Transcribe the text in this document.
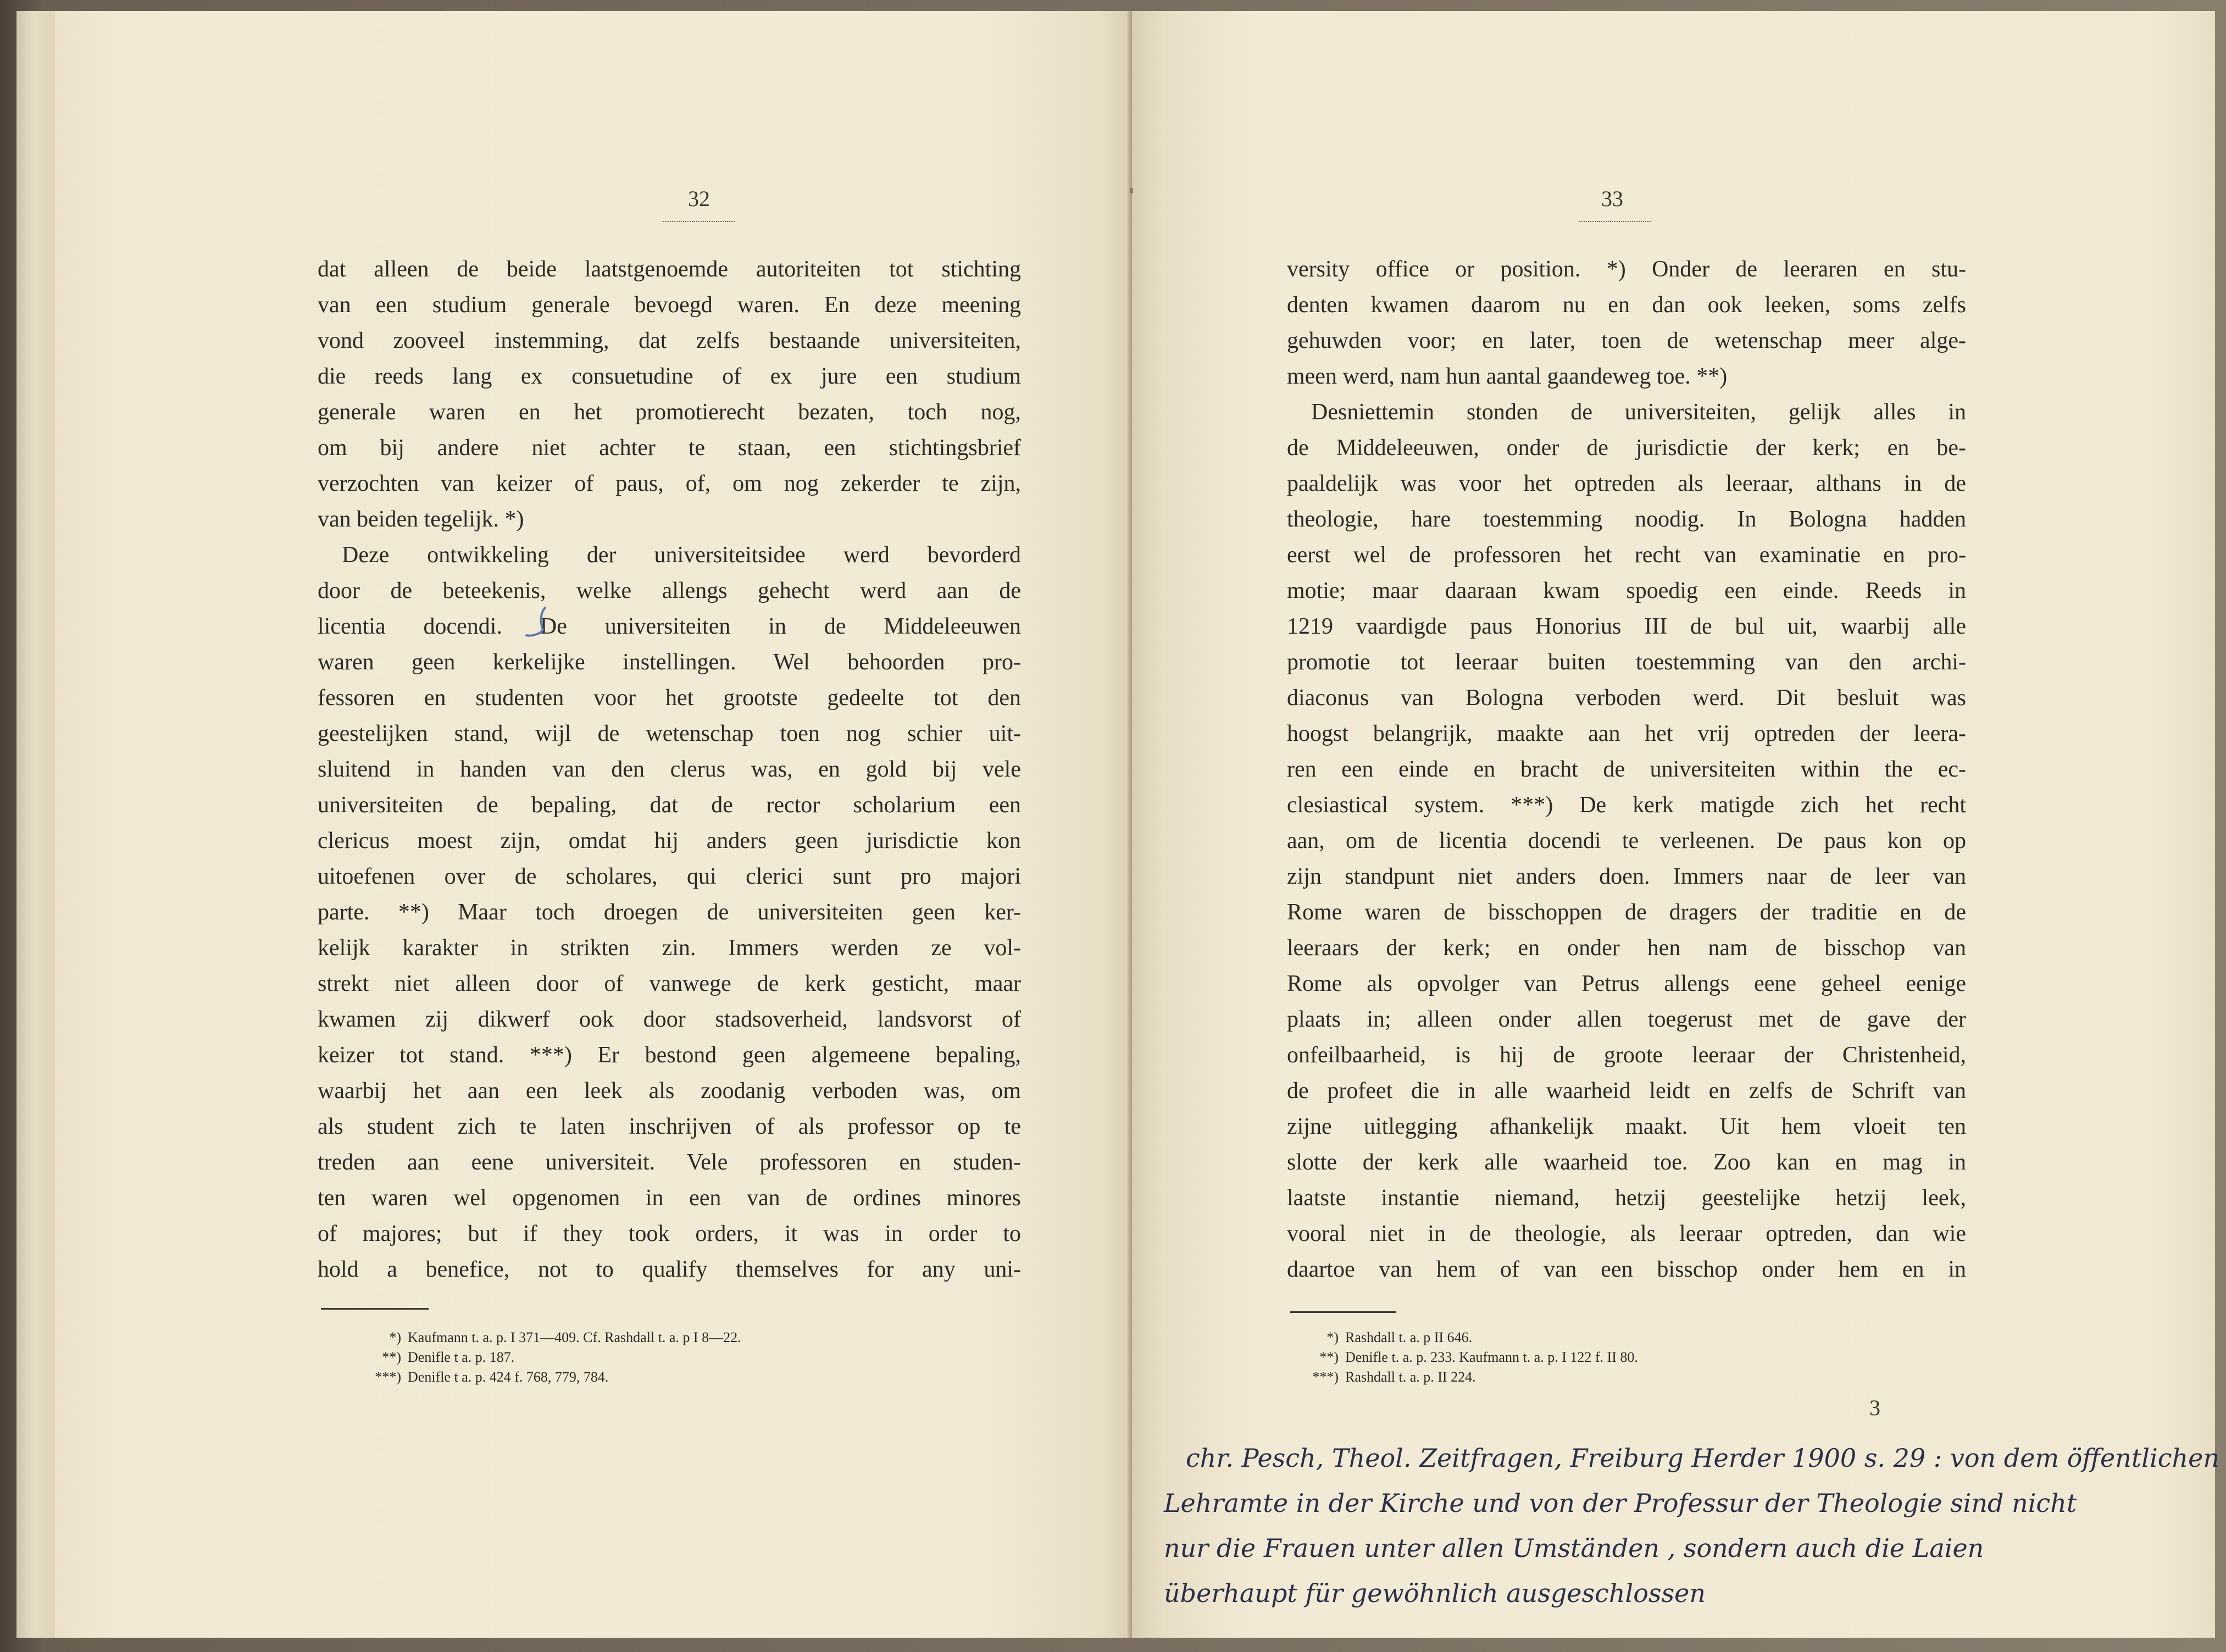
32
dat alleen de beide laatstgenoemde autoriteiten tot stichting
van een studium generale bevoegd waren. En deze meening
vond zooveel instemming, dat zelfs bestaande universiteiten,
die reeds lang ex consuetudine of ex jure een studium
generale waren en het promotierecht bezaten, toch nog,
om bij andere niet achter te staan, een stichtingsbrief
verzochten van keizer of paus, of, om nog zekerder te zijn,
van beiden tegelijk. *)
Deze ontwikkeling der universiteitsidee werd bevorderd
door de beteekenis, welke allengs gehecht werd aan de
licentia docendi. De universiteiten in de Middeleeuwen
waren geen kerkelijke instellingen. Wel behoorden pro-
fessoren en studenten voor het grootste gedeelte tot den
geestelijken stand, wijl de wetenschap toen nog schier uit-
sluitend in handen van den clerus was, en gold bij vele
universiteiten de bepaling, dat de rector scholarium een
clericus moest zijn, omdat hij anders geen jurisdictie kon
uitoefenen over de scholares, qui clerici sunt pro majori
parte. **) Maar toch droegen de universiteiten geen ker-
kelijk karakter in strikten zin. Immers werden ze vol-
strekt niet alleen door of vanwege de kerk gesticht, maar
kwamen zij dikwerf ook door stadsoverheid, landsvorst of
keizer tot stand. ***) Er bestond geen algemeene bepaling,
waarbij het aan een leek als zoodanig verboden was, om
als student zich te laten inschrijven of als professor op te
treden aan eene universiteit. Vele professoren en studen-
ten waren wel opgenomen in een van de ordines minores
of majores; but if they took orders, it was in order to
hold a benefice, not to qualify themselves for any uni-
*) Kaufmann t. a. p. I 371—409. Cf. Rashdall t. a. p I 8—22.
**) Denifle t a. p. 187.
***) Denifle t a. p. 424 f. 768, 779, 784.
33
versity office or position. *) Onder de leeraren en stu-
denten kwamen daarom nu en dan ook leeken, soms zelfs
gehuwden voor; en later, toen de wetenschap meer alge-
meen werd, nam hun aantal gaandeweg toe. **)
Desniettemin stonden de universiteiten, gelijk alles in
de Middeleeuwen, onder de jurisdictie der kerk; en be-
paaldelijk was voor het optreden als leeraar, althans in de
theologie, hare toestemming noodig. In Bologna hadden
eerst wel de professoren het recht van examinatie en pro-
motie; maar daaraan kwam spoedig een einde. Reeds in
1219 vaardigde paus Honorius III de bul uit, waarbij alle
promotie tot leeraar buiten toestemming van den archi-
diaconus van Bologna verboden werd. Dit besluit was
hoogst belangrijk, maakte aan het vrij optreden der leera-
ren een einde en bracht de universiteiten within the ec-
clesiastical system. ***) De kerk matigde zich het recht
aan, om de licentia docendi te verleenen. De paus kon op
zijn standpunt niet anders doen. Immers naar de leer van
Rome waren de bisschoppen de dragers der traditie en de
leeraars der kerk; en onder hen nam de bisschop van
Rome als opvolger van Petrus allengs eene geheel eenige
plaats in; alleen onder allen toegerust met de gave der
onfeilbaarheid, is hij de groote leeraar der Christenheid,
de profeet die in alle waarheid leidt en zelfs de Schrift van
zijne uitlegging afhankelijk maakt. Uit hem vloeit ten
slotte der kerk alle waarheid toe. Zoo kan en mag in
laatste instantie niemand, hetzij geestelijke hetzij leek,
vooral niet in de theologie, als leeraar optreden, dan wie
daartoe van hem of van een bisschop onder hem en in
*) Rashdall t. a. p II 646.
**) Denifle t. a. p. 233. Kaufmann t. a. p. I 122 f. II 80.
***) Rashdall t. a. p. II 224.
3
chr. Pesch, Theol. Zeitfragen, Freiburg Herder 1900 s. 29 : von dem öffentlichen
Lehramte in der Kirche und von der Professur der Theologie sind nicht
nur die Frauen unter allen Umständen , sondern auch die Laien
überhaupt für gewöhnlich ausgeschlossen
